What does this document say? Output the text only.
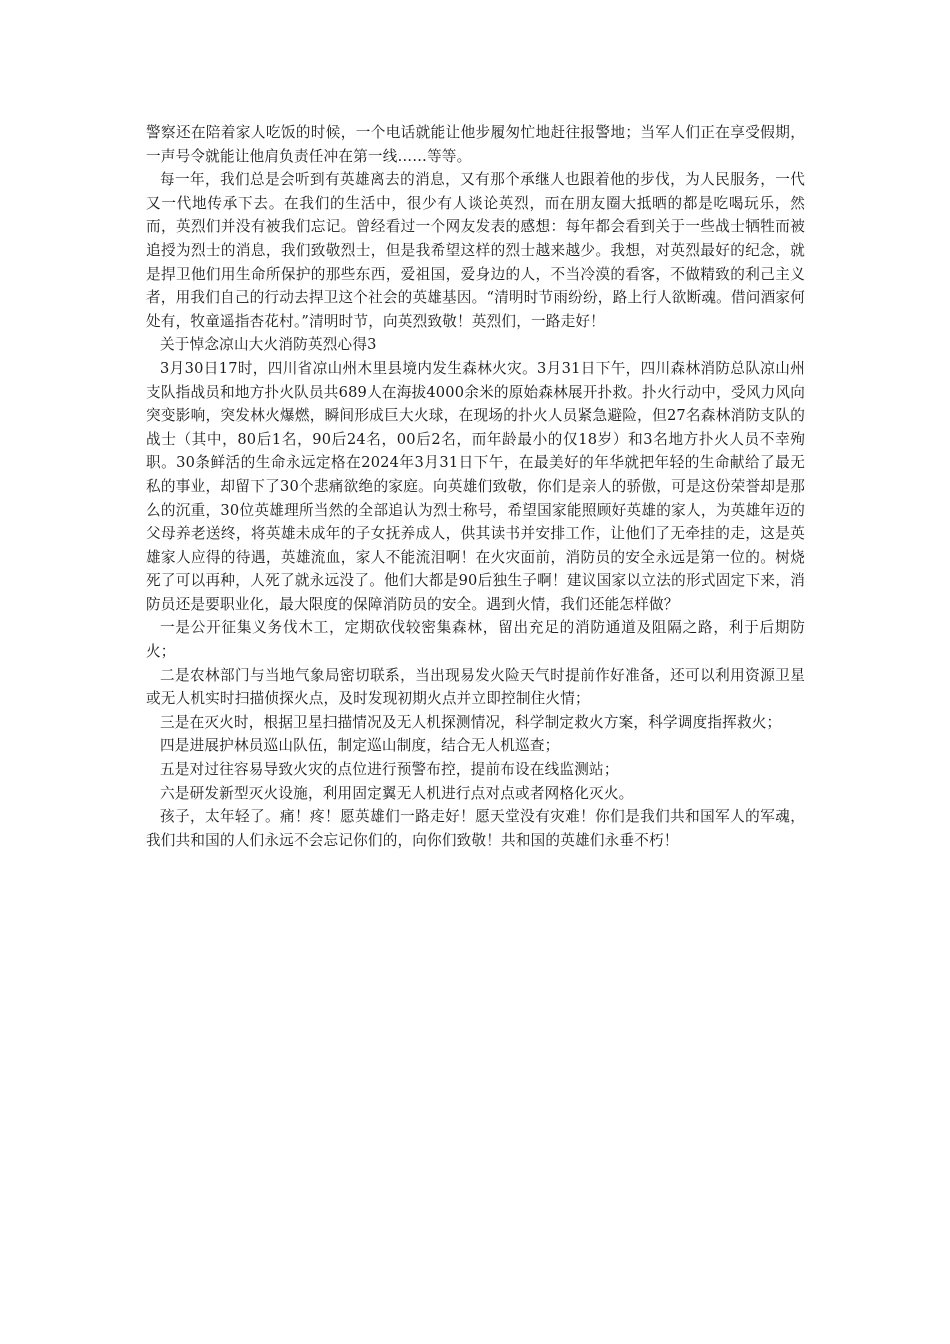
警察还在陪着家人吃饭的时候，一个电话就能让他步履匆忙地赶往报警地；当军人们正在享受假期，一声号令就能让他肩负责任冲在第一线……等等。

每一年，我们总是会听到有英雄离去的消息，又有那个承继人也跟着他的步伐，为人民服务，一代又一代地传承下去。在我们的生活中，很少有人谈论英烈，而在朋友圈大抵晒的都是吃喝玩乐，然而，英烈们并没有被我们忘记。曾经看过一个网友发表的感想：每年都会看到关于一些战士牺牲而被追授为烈士的消息，我们致敬烈士，但是我希望这样的烈士越来越少。我想，对英烈最好的纪念，就是捍卫他们用生命所保护的那些东西，爱祖国，爱身边的人，不当冷漠的看客，不做精致的利己主义者，用我们自己的行动去捍卫这个社会的英雄基因。“清明时节雨纷纷，路上行人欲断魂。借问酒家何处有，牧童遥指杏花村。”清明时节，向英烈致敬！英烈们，一路走好！

关于悼念凉山大火消防英烈心得3

3月30日17时，四川省凉山州木里县境内发生森林火灾。3月31日下午，四川森林消防总队凉山州支队指战员和地方扑火队员共689人在海拔4000余米的原始森林展开扑救。扑火行动中，受风力风向突变影响，突发林火爆燃，瞬间形成巨大火球，在现场的扑火人员紧急避险，但27名森林消防支队的战士（其中，80后1名，90后24名，00后2名，而年龄最小的仅18岁）和3名地方扑火人员不幸殉职。30条鲜活的生命永远定格在2024年3月31日下午，在最美好的年华就把年轻的生命献给了最无私的事业，却留下了30个悲痛欲绝的家庭。向英雄们致敬，你们是亲人的骄傲，可是这份荣誉却是那么的沉重，30位英雄理所当然的全部追认为烈士称号，希望国家能照顾好英雄的家人，为英雄年迈的父母养老送终，将英雄未成年的子女抚养成人，供其读书并安排工作，让他们了无牵挂的走，这是英雄家人应得的待遇，英雄流血，家人不能流泪啊！在火灾面前，消防员的安全永远是第一位的。树烧死了可以再种，人死了就永远没了。他们大都是90后独生子啊！建议国家以立法的形式固定下来，消防员还是要职业化，最大限度的保障消防员的安全。遇到火情，我们还能怎样做？

一是公开征集义务伐木工，定期砍伐较密集森林，留出充足的消防通道及阻隔之路，利于后期防火；

二是农林部门与当地气象局密切联系，当出现易发火险天气时提前作好准备，还可以利用资源卫星或无人机实时扫描侦探火点，及时发现初期火点并立即控制住火情；

三是在灭火时，根据卫星扫描情况及无人机探测情况，科学制定救火方案，科学调度指挥救火；

四是进展护林员巡山队伍，制定巡山制度，结合无人机巡查；

五是对过往容易导致火灾的点位进行预警布控，提前布设在线监测站；

六是研发新型灭火设施，利用固定翼无人机进行点对点或者网格化灭火。

孩子，太年轻了。痛！疼！愿英雄们一路走好！愿天堂没有灾难！你们是我们共和国军人的军魂，我们共和国的人们永远不会忘记你们的，向你们致敬！共和国的英雄们永垂不朽！
